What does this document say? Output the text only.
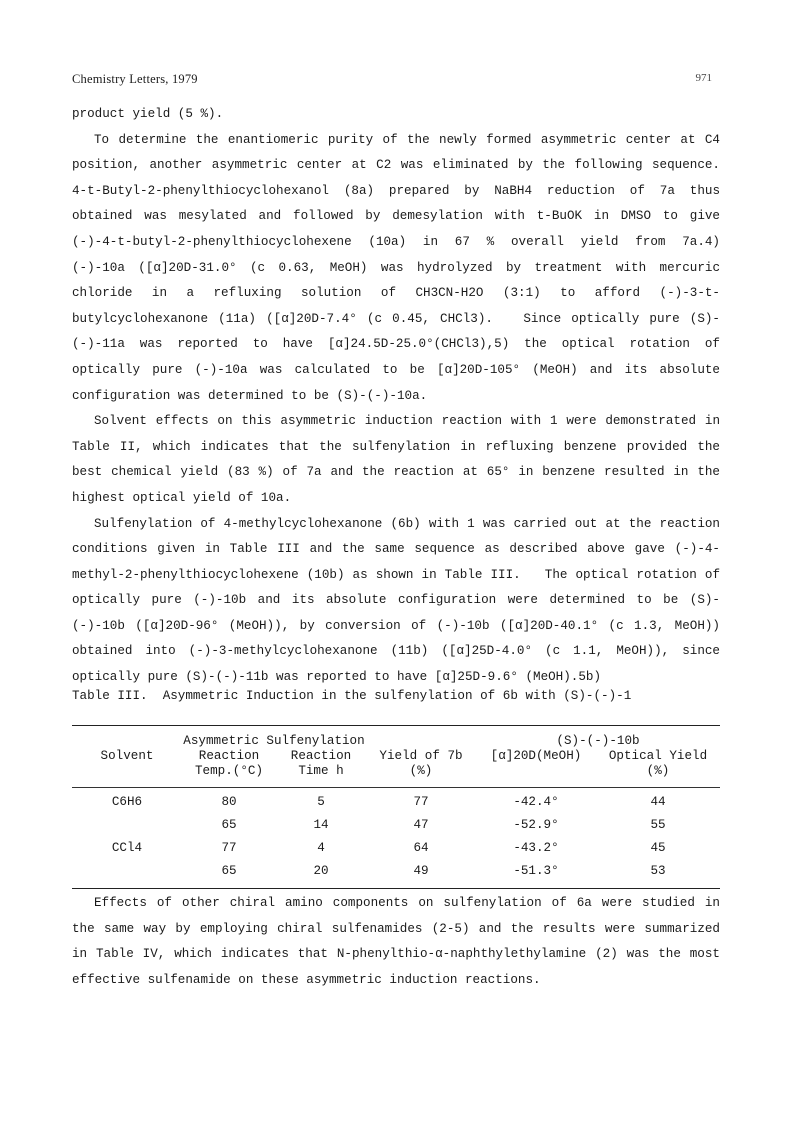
Chemistry Letters, 1979	971

product yield (5 %).

To determine the enantiomeric purity of the newly formed asymmetric center at C4 position, another asymmetric center at C2 was eliminated by the following sequence. 4-t-Butyl-2-phenylthiocyclohexanol (8a) prepared by NaBH4 reduction of 7a thus obtained was mesylated and followed by demesylation with t-BuOK in DMSO to give (-)-4-t-butyl-2-phenylthiocyclohexene (10a) in 67 % overall yield from 7a.4)   (-)-10a ([α]20D-31.0° (c 0.63, MeOH) was hydrolyzed by treatment with mercuric chloride in a refluxing solution of CH3CN-H2O (3:1) to afford (-)-3-t-butylcyclohexanone (11a) ([α]20D-7.4° (c 0.45, CHCl3).   Since optically pure (S)-(-)-11a was reported to have [α]24.5D-25.0°(CHCl3),5) the optical rotation of optically pure (-)-10a was calculated to be [α]20D-105° (MeOH) and its absolute configuration was determined to be (S)-(-)-10a.

Solvent effects on this asymmetric induction reaction with 1 were demonstrated in Table II, which indicates that the sulfenylation in refluxing benzene provided the best chemical yield (83 %) of 7a and the reaction at 65° in benzene resulted in the highest optical yield of 10a.

Sulfenylation of 4-methylcyclohexanone (6b) with 1 was carried out at the reaction conditions given in Table III and the same sequence as described above gave (-)-4-methyl-2-phenylthiocyclohexene (10b) as shown in Table III.   The optical rotation of optically pure (-)-10b and its absolute configuration were determined to be (S)-(-)-10b ([α]20D-96° (MeOH)), by conversion of (-)-10b ([α]20D-40.1° (c 1.3, MeOH)) obtained into (-)-3-methylcyclohexanone (11b) ([α]25D-4.0° (c 1.1, MeOH)), since optically pure (S)-(-)-11b was reported to have [α]25D-9.6° (MeOH).5b)

Table III.  Asymmetric Induction in the sulfenylation of 6b with (S)-(-)-1
	Asymmetric Sulfenylation			(S)-(-)-10b	
Solvent	Reaction	Reaction	Yield of 7b	[α]20D(MeOH)	Optical Yield
	Temp.(°C)	Time h	(%)		(%)

C6H6	80	5	77	-42.4°	44
	65	14	47	-52.9°	55
CCl4	77	4	64	-43.2°	45
	65	20	49	-51.3°	53

Effects of other chiral amino components on sulfenylation of 6a were studied in the same way by employing chiral sulfenamides (2-5) and the results were summarized in Table IV, which indicates that N-phenylthio-α-naphthylethylamine (2) was the most effective sulfenamide on these asymmetric induction reactions.
